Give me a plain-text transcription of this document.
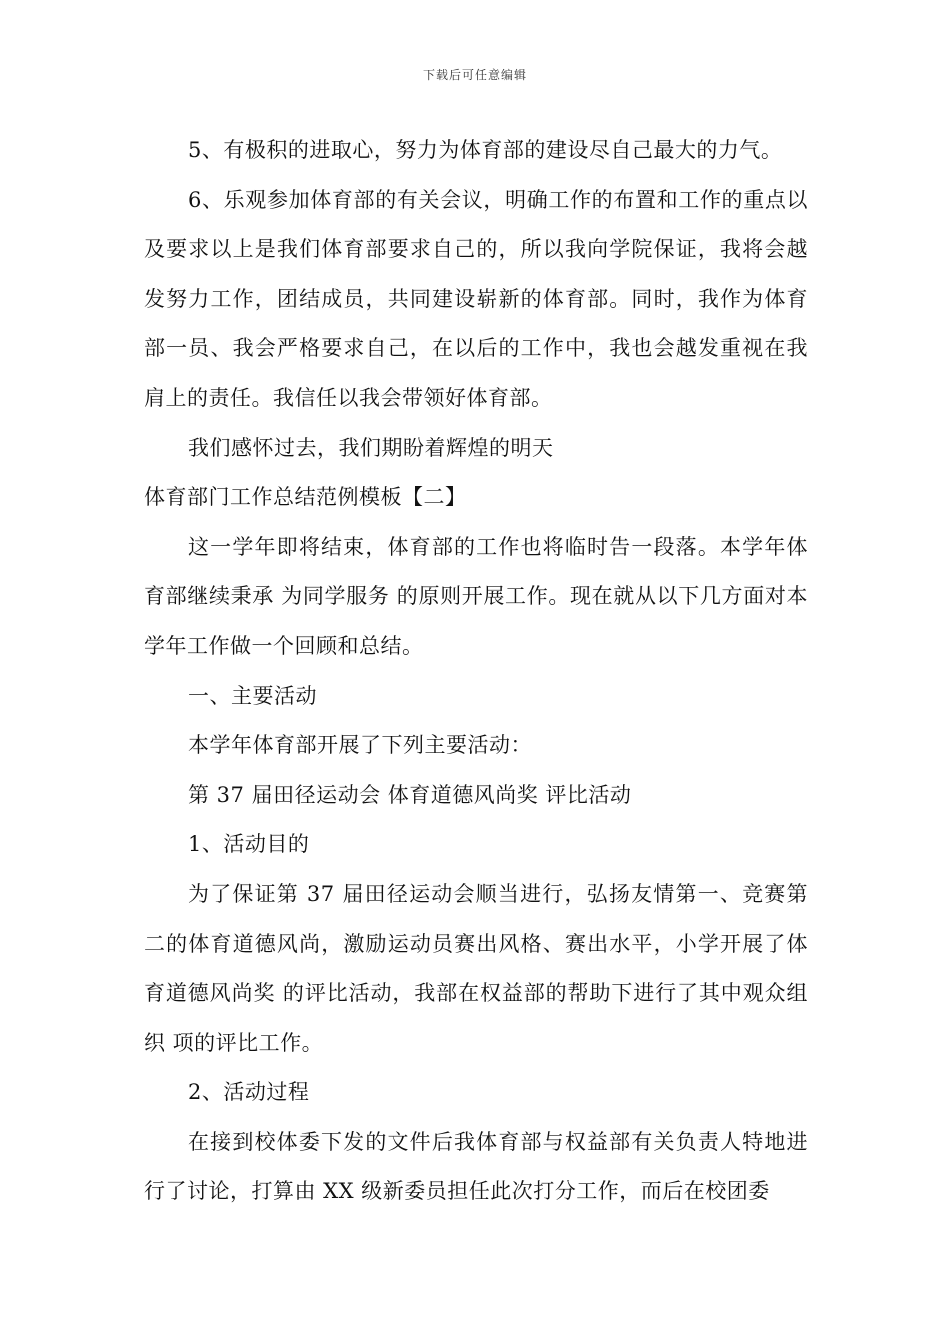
下载后可任意编辑

5、有极积的进取心，努力为体育部的建设尽自己最大的力气。

6、乐观参加体育部的有关会议，明确工作的布置和工作的重点以及要求以上是我们体育部要求自己的，所以我向学院保证，我将会越发努力工作，团结成员，共同建设崭新的体育部。同时，我作为体育部一员、我会严格要求自己，在以后的工作中，我也会越发重视在我肩上的责任。我信任以我会带领好体育部。

我们感怀过去，我们期盼着辉煌的明天

体育部门工作总结范例模板【二】

这一学年即将结束，体育部的工作也将临时告一段落。本学年体育部继续秉承 为同学服务 的原则开展工作。现在就从以下几方面对本学年工作做一个回顾和总结。

一、主要活动

本学年体育部开展了下列主要活动：

第 37 届田径运动会 体育道德风尚奖 评比活动

1、活动目的

为了保证第 37 届田径运动会顺当进行，弘扬友情第一、竞赛第二的体育道德风尚，激励运动员赛出风格、赛出水平，小学开展了体育道德风尚奖 的评比活动，我部在权益部的帮助下进行了其中观众组织 项的评比工作。

2、活动过程

在接到校体委下发的文件后我体育部与权益部有关负责人特地进行了讨论，打算由 XX 级新委员担任此次打分工作，而后在校团委
